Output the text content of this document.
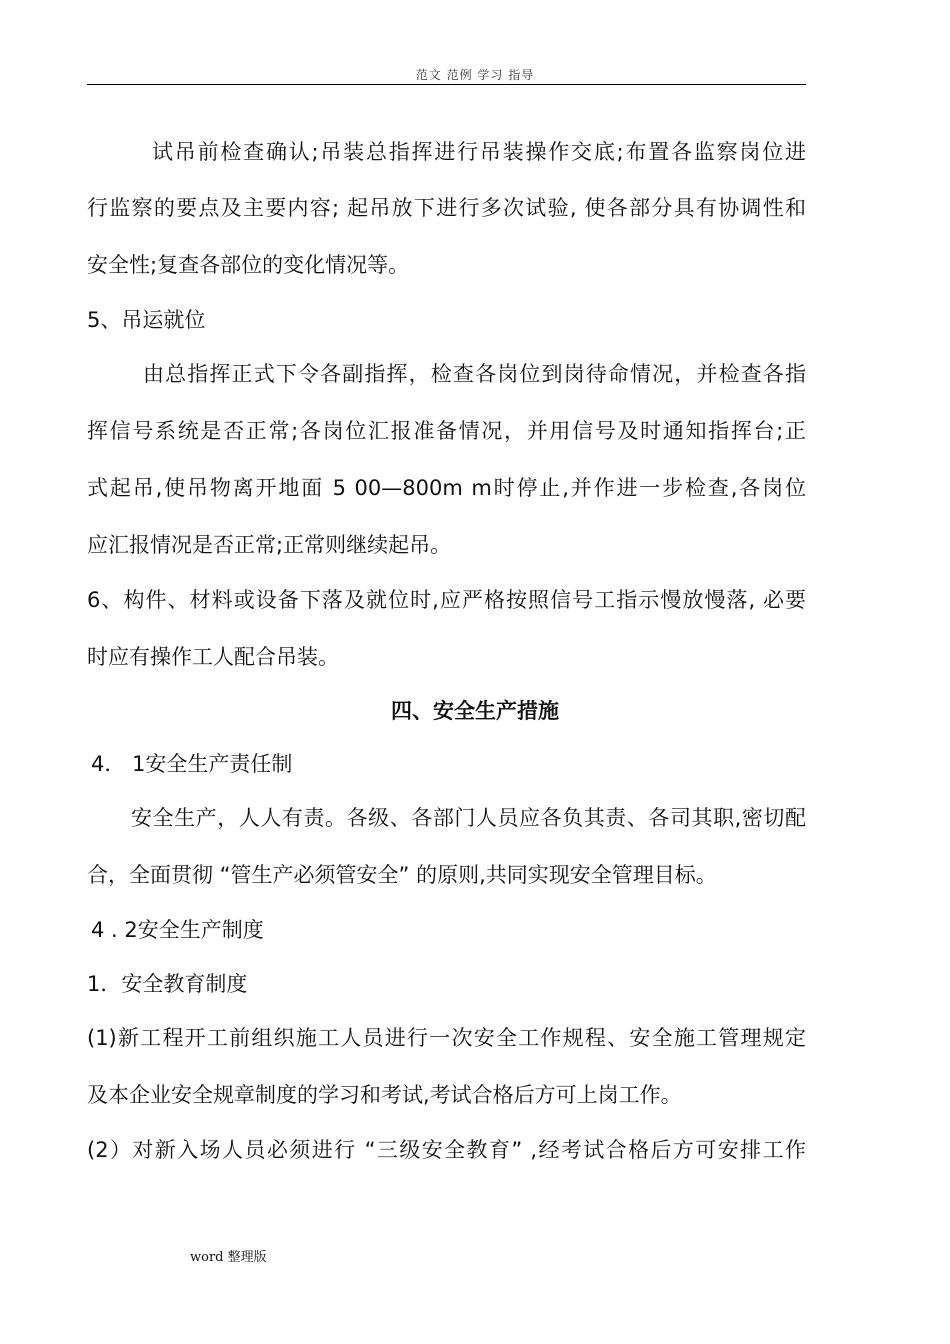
范文 范例 学习 指导
试吊前检查确认;吊装总指挥进行吊装操作交底;布置各监察岗位进
行监察的要点及主要内容; 起吊放下进行多次试验, 使各部分具有协调性和
安全性;复查各部位的变化情况等。
5、吊运就位
由总指挥正式下令各副指挥，检查各岗位到岗待命情况，并检查各指
挥信号系统是否正常;各岗位汇报准备情况，并用信号及时通知指挥台;正
式起吊,使吊物离开地面 5 00—800m m时停止,并作进一步检查,各岗位
应汇报情况是否正常;正常则继续起吊。
6、构件、材料或设备下落及就位时,应严格按照信号工指示慢放慢落, 必要
时应有操作工人配合吊装。
四、安全生产措施
4． 1安全生产责任制
安全生产，人人有责。各级、各部门人员应各负其责、各司其职,密切配
合，全面贯彻 “管生产必须管安全” 的原则,共同实现安全管理目标。
4 . 2安全生产制度
1．安全教育制度
(1)新工程开工前组织施工人员进行一次安全工作规程、安全施工管理规定
及本企业安全规章制度的学习和考试,考试合格后方可上岗工作。
(2）对新入场人员必须进行 “三级安全教育” ,经考试合格后方可安排工作
word 整理版
